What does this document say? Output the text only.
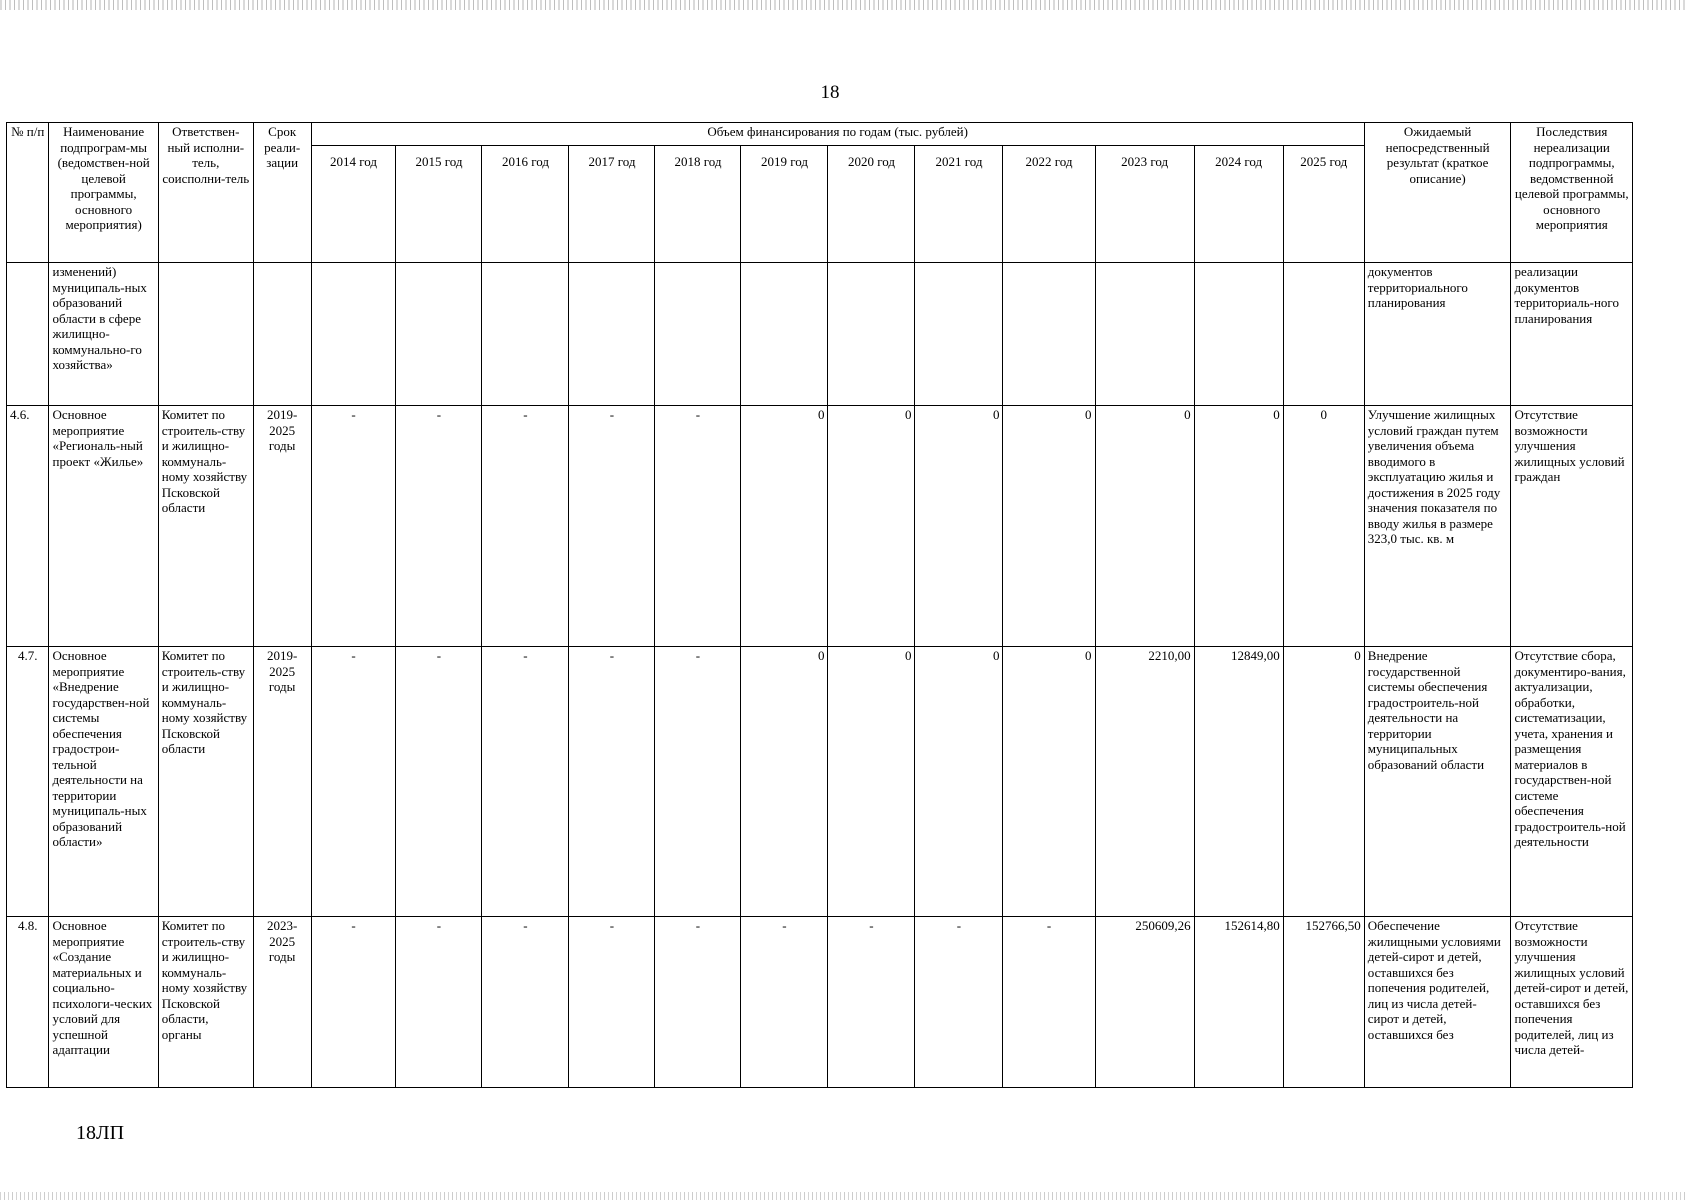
18
№ п/п	Наименование подпрограм-мы (ведомствен-ной целевой программы, основного мероприятия)	Ответствен-ный исполни-тель, соисполни-тель	Срок реали-зации	Объем финансирования по годам (тыс. рублей)												Ожидаемый непосредственный результат (краткое описание)	Последствия нереализации подпрограммы, ведомственной целевой программы, основного мероприятия
				2014 год	2015 год	2016 год	2017 год	2018 год	2019 год	2020 год	2021 год	2022 год	2023 год	2024 год	2025 год		
	изменений) муниципаль-ных образований области в сфере жилищно-коммунально-го хозяйства»															документов территориального планирования	реализации документов территориаль-ного планирования
4.6.	Основное мероприятие «Региональ-ный проект «Жилье»	Комитет по строитель-ству и жилищно-коммуналь-ному хозяйству Псковской области	2019-2025 годы	-	-	-	-	-	0	0	0	0	0	0	0	Улучшение жилищных условий граждан путем увеличения объема вводимого в эксплуатацию жилья и достижения в 2025 году значения показателя по вводу жилья в размере 323,0 тыс. кв. м	Отсутствие возможности улучшения жилищных условий граждан
4.7.	Основное мероприятие «Внедрение государствен-ной системы обеспечения градострои-тельной деятельности на территории муниципаль-ных образований области»	Комитет по строитель-ству и жилищно-коммуналь-ному хозяйству Псковской области	2019-2025 годы	-	-	-	-	-	0	0	0	0	2210,00	12849,00	0	Внедрение государственной системы обеспечения градостроитель-ной деятельности на территории муниципальных образований области	Отсутствие сбора, документиро-вания, актуализации, обработки, систематизации, учета, хранения и размещения материалов в государствен-ной системе обеспечения градостроитель-ной деятельности
4.8.	Основное мероприятие «Создание материальных и социально-психологи-ческих условий для успешной адаптации	Комитет по строитель-ству и жилищно-коммуналь-ному хозяйству Псковской области, органы	2023-2025 годы	-	-	-	-	-	-	-	-	-	250609,26	152614,80	152766,50	Обеспечение жилищными условиями детей-сирот и детей, оставшихся без попечения родителей, лиц из числа детей-сирот и детей, оставшихся без	Отсутствие возможности улучшения жилищных условий детей-сирот и детей, оставшихся без попечения родителей, лиц из числа детей-
18ЛП
